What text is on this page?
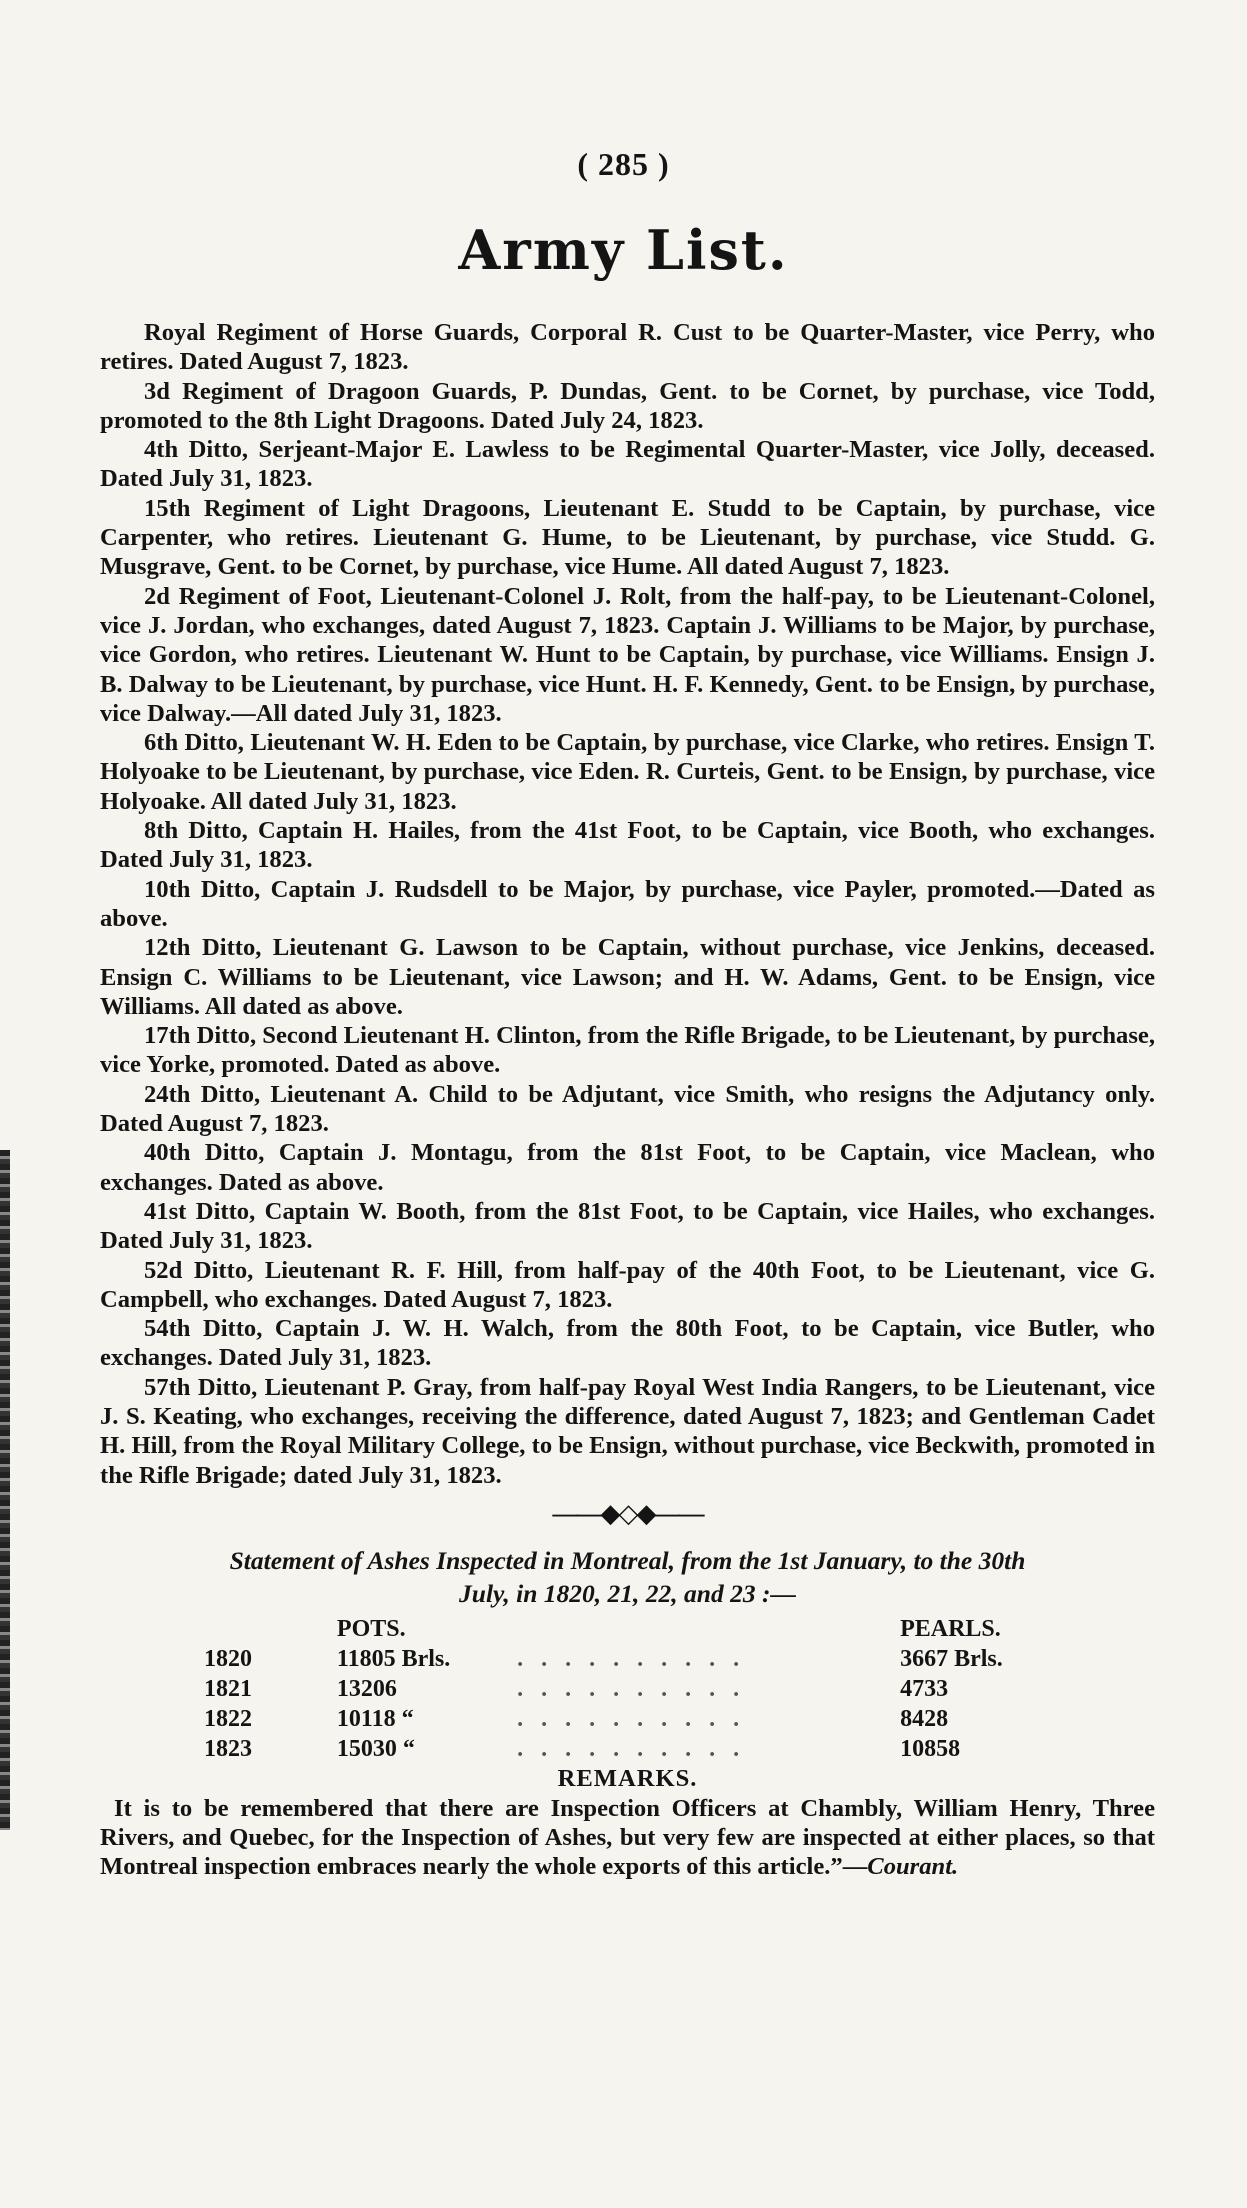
( 285 )
Army List.

Royal Regiment of Horse Guards, Corporal R. Cust to be Quarter-Master, vice Perry, who retires. Dated August 7, 1823.

3d Regiment of Dragoon Guards, P. Dundas, Gent. to be Cornet, by purchase, vice Todd, promoted to the 8th Light Dragoons. Dated July 24, 1823.

4th Ditto, Serjeant-Major E. Lawless to be Regimental Quarter-Master, vice Jolly, deceased. Dated July 31, 1823.

15th Regiment of Light Dragoons, Lieutenant E. Studd to be Captain, by purchase, vice Carpenter, who retires. Lieutenant G. Hume, to be Lieutenant, by purchase, vice Studd. G. Musgrave, Gent. to be Cornet, by purchase, vice Hume. All dated August 7, 1823.

2d Regiment of Foot, Lieutenant-Colonel J. Rolt, from the half-pay, to be Lieutenant-Colonel, vice J. Jordan, who exchanges, dated August 7, 1823. Captain J. Williams to be Major, by purchase, vice Gordon, who retires. Lieutenant W. Hunt to be Captain, by purchase, vice Williams. Ensign J. B. Dalway to be Lieutenant, by purchase, vice Hunt. H. F. Kennedy, Gent. to be Ensign, by purchase, vice Dalway.—All dated July 31, 1823.

6th Ditto, Lieutenant W. H. Eden to be Captain, by purchase, vice Clarke, who retires. Ensign T. Holyoake to be Lieutenant, by purchase, vice Eden. R. Curteis, Gent. to be Ensign, by purchase, vice Holyoake. All dated July 31, 1823.

8th Ditto, Captain H. Hailes, from the 41st Foot, to be Captain, vice Booth, who exchanges. Dated July 31, 1823.

10th Ditto, Captain J. Rudsdell to be Major, by purchase, vice Payler, promoted.—Dated as above.

12th Ditto, Lieutenant G. Lawson to be Captain, without purchase, vice Jenkins, deceased. Ensign C. Williams to be Lieutenant, vice Lawson; and H. W. Adams, Gent. to be Ensign, vice Williams. All dated as above.

17th Ditto, Second Lieutenant H. Clinton, from the Rifle Brigade, to be Lieutenant, by purchase, vice Yorke, promoted. Dated as above.

24th Ditto, Lieutenant A. Child to be Adjutant, vice Smith, who resigns the Adjutancy only. Dated August 7, 1823.

40th Ditto, Captain J. Montagu, from the 81st Foot, to be Captain, vice Maclean, who exchanges. Dated as above.

41st Ditto, Captain W. Booth, from the 81st Foot, to be Captain, vice Hailes, who exchanges. Dated July 31, 1823.

52d Ditto, Lieutenant R. F. Hill, from half-pay of the 40th Foot, to be Lieutenant, vice G. Campbell, who exchanges. Dated August 7, 1823.

54th Ditto, Captain J. W. H. Walch, from the 80th Foot, to be Captain, vice Butler, who exchanges. Dated July 31, 1823.

57th Ditto, Lieutenant P. Gray, from half-pay Royal West India Rangers, to be Lieutenant, vice J. S. Keating, who exchanges, receiving the difference, dated August 7, 1823; and Gentleman Cadet H. Hill, from the Royal Military College, to be Ensign, without purchase, vice Beckwith, promoted in the Rifle Brigade; dated July 31, 1823.

——◆◇◆——
Statement of Ashes Inspected in Montreal, from the 1st January, to the 30th
July, in 1820, 21, 22, and 23 :—
	POTS.		PEARLS.
1820	11805 Brls.	. . . . . . . . . .	3667 Brls.
1821	13206	. . . . . . . . . .	4733
1822	10118 “	. . . . . . . . . .	8428
1823	15030 “	. . . . . . . . . .	10858
REMARKS.

It is to be remembered that there are Inspection Officers at Chambly, William Henry, Three Rivers, and Quebec, for the Inspection of Ashes, but very few are inspected at either places, so that Montreal inspection embraces nearly the whole exports of this article.”—Courant.
